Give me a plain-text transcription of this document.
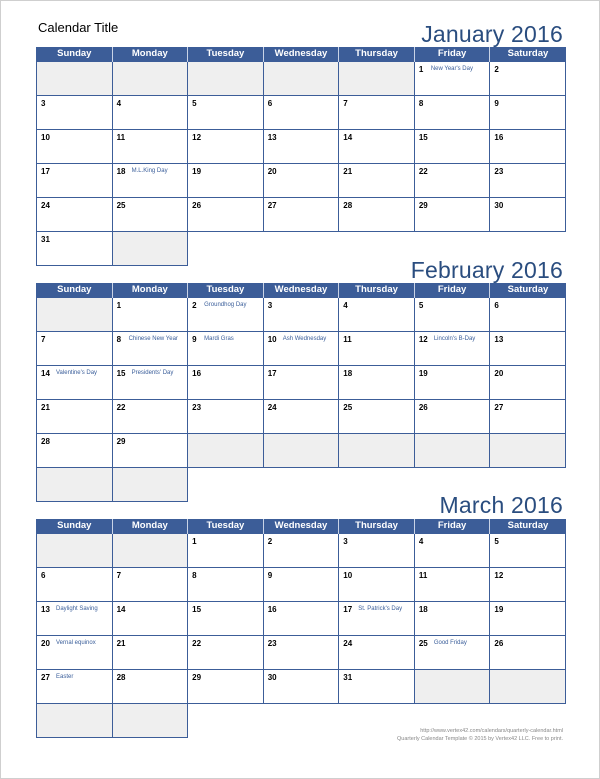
Calendar Title	January 2016
Sunday	Monday	Tuesday	Wednesday	Thursday	Friday	Saturday

					1 New Year's Day	2

3	4	5	6	7	8	9

10	11	12	13	14	15	16

17	18 M.L.King Day	19	20	21	22	23

24	25	26	27	28	29	30

31						

February 2016
Sunday	Monday	Tuesday	Wednesday	Thursday	Friday	Saturday

	1	2 Groundhog Day	3	4	5	6

7	8 Chinese New Year	9 Mardi Gras	10 Ash Wednesday	11	12 Lincoln's B-Day	13

14 Valentine's Day	15 Presidents' Day	16	17	18	19	20

21	22	23	24	25	26	27

28	29					

March 2016
Sunday	Monday	Tuesday	Wednesday	Thursday	Friday	Saturday

		1	2	3	4	5

6	7	8	9	10	11	12

13 Daylight Saving	14	15	16	17 St. Patrick's Day	18	19

20 Vernal equinox	21	22	23	24	25 Good Friday	26

27 Easter	28	29	30	31		

http://www.vertex42.com/calendars/quarterly-calendar.html
Quarterly Calendar Template © 2015 by Vertex42 LLC. Free to print.
